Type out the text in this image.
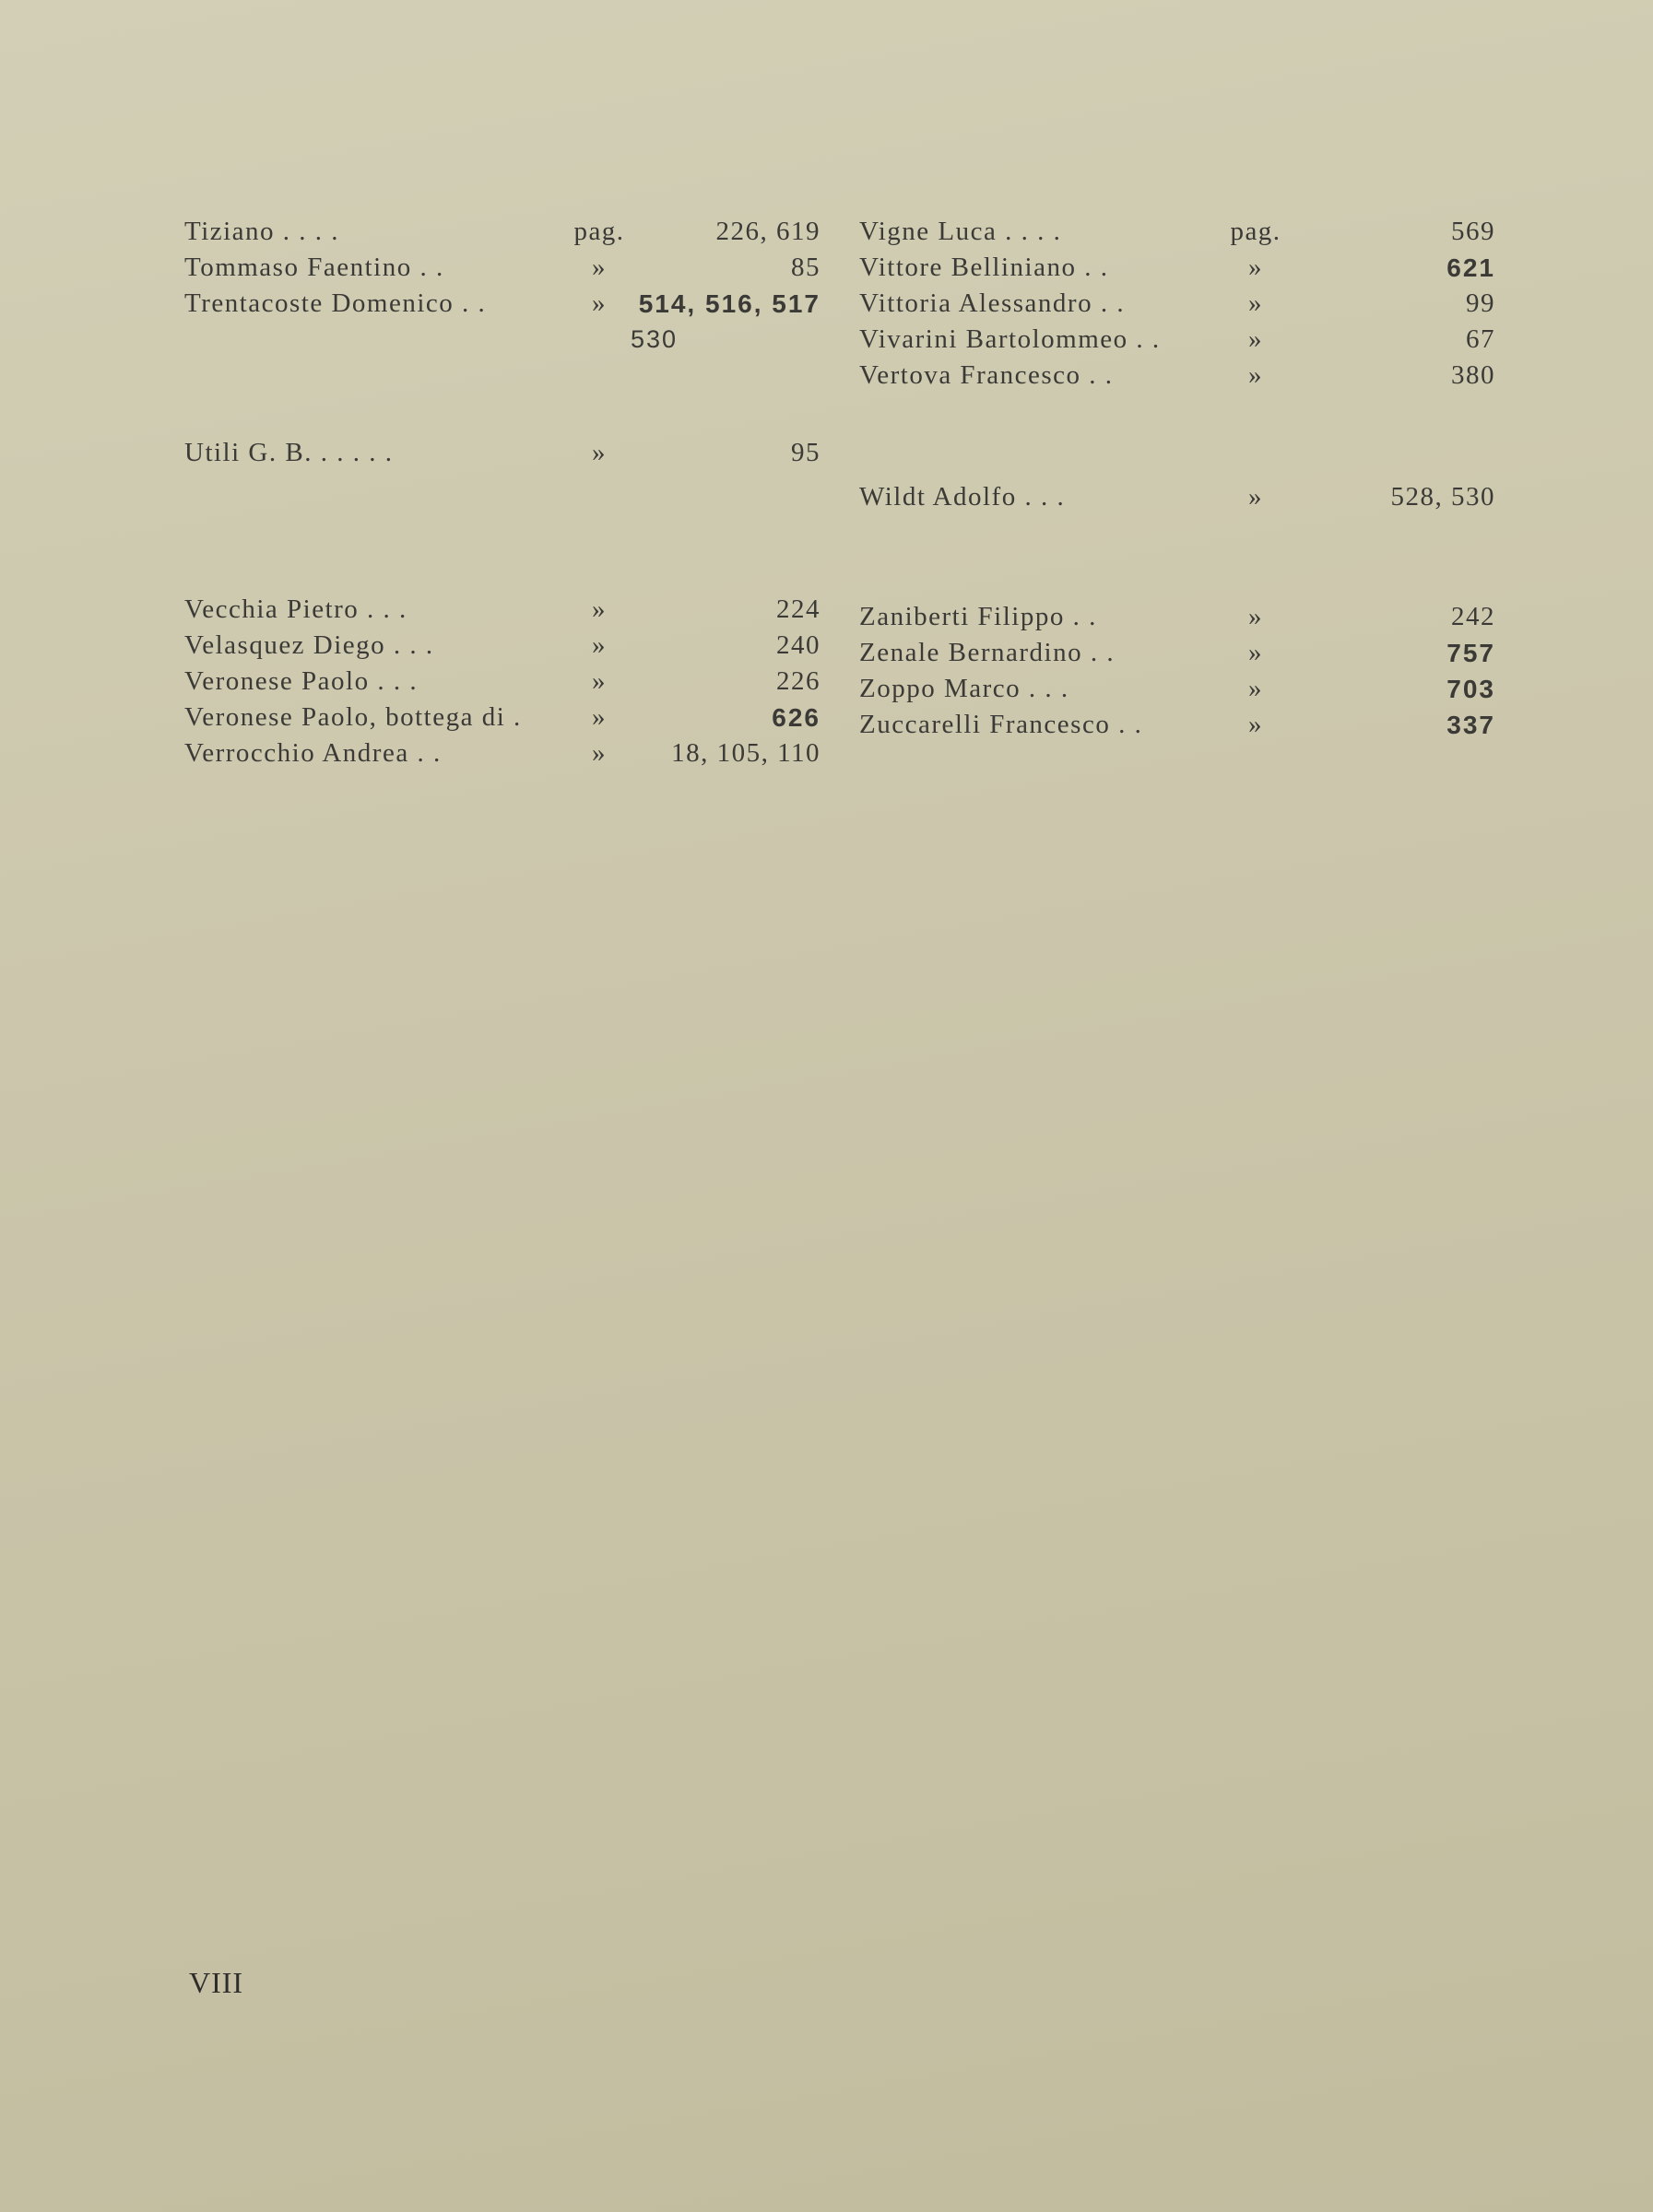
Tiziano . . . .	pag.	226, 619
Tommaso Faentino . .	»	85
Trentacoste Domenico . .	»	514, 516, 517
530
Utili G. B. . . . . .	»	95
Vecchia Pietro . . .	»	224
Velasquez Diego . . .	»	240
Veronese Paolo . . .	»	226
Veronese Paolo, bottega di .	»	626
Verrocchio Andrea . .	»	18, 105, 110
Vigne Luca . . . .	pag.	569
Vittore Belliniano . .	»	621
Vittoria Alessandro . .	»	99
Vivarini Bartolommeo . .	»	67
Vertova Francesco . .	»	380
Wildt Adolfo . . .	»	528, 530
Zaniberti Filippo . .	»	242
Zenale Bernardino . .	»	757
Zoppo Marco . . .	»	703
Zuccarelli Francesco . .	»	337
VIII
